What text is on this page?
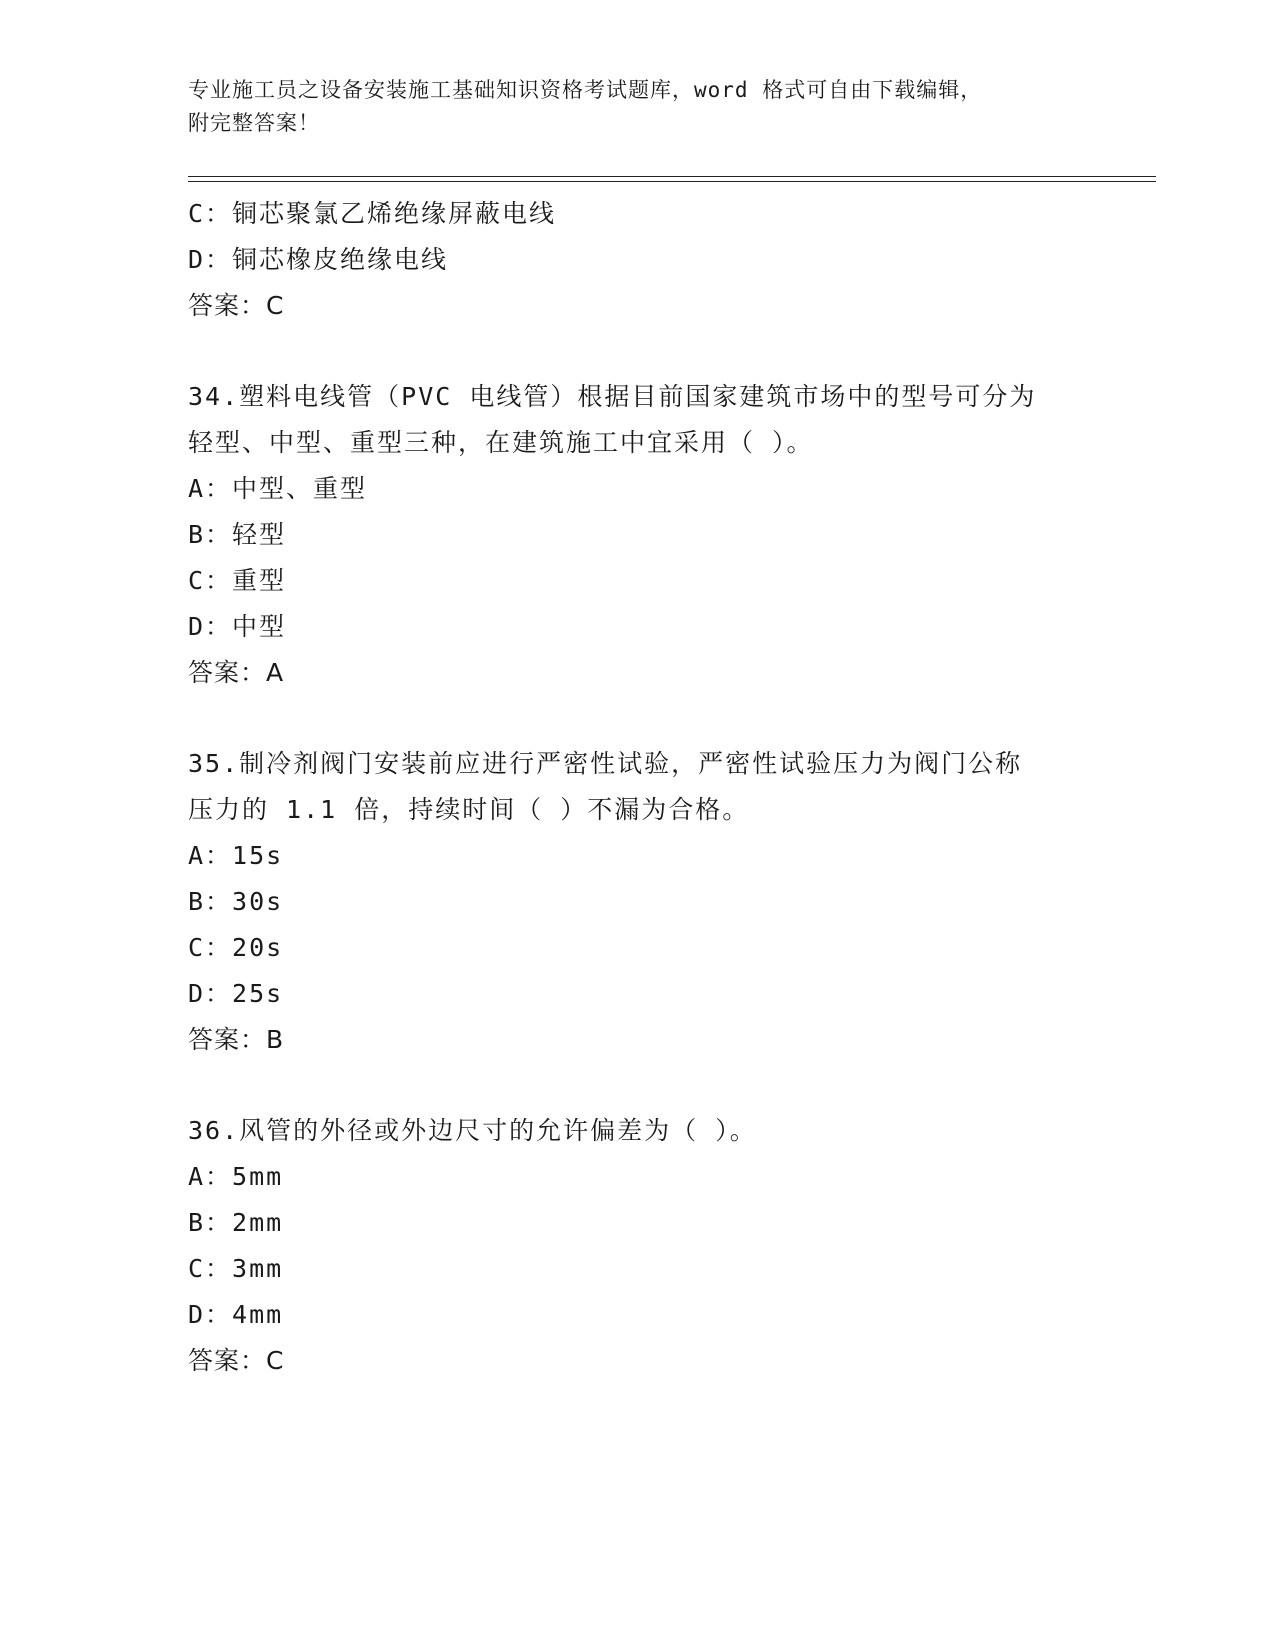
专业施工员之设备安装施工基础知识资格考试题库，word 格式可自由下载编辑，
附完整答案！
C：铜芯聚氯乙烯绝缘屏蔽电线
D：铜芯橡皮绝缘电线
答案：C
34.塑料电线管（PVC 电线管）根据目前国家建筑市场中的型号可分为
轻型、中型、重型三种，在建筑施工中宜采用（ ）。
A：中型、重型
B：轻型
C：重型
D：中型
答案：A
35.制冷剂阀门安装前应进行严密性试验，严密性试验压力为阀门公称
压力的 1.1 倍，持续时间（ ）不漏为合格。
A：15s
B：30s
C：20s
D：25s
答案：B
36.风管的外径或外边尺寸的允许偏差为（ ）。
A：5mm
B：2mm
C：3mm
D：4mm
答案：C
